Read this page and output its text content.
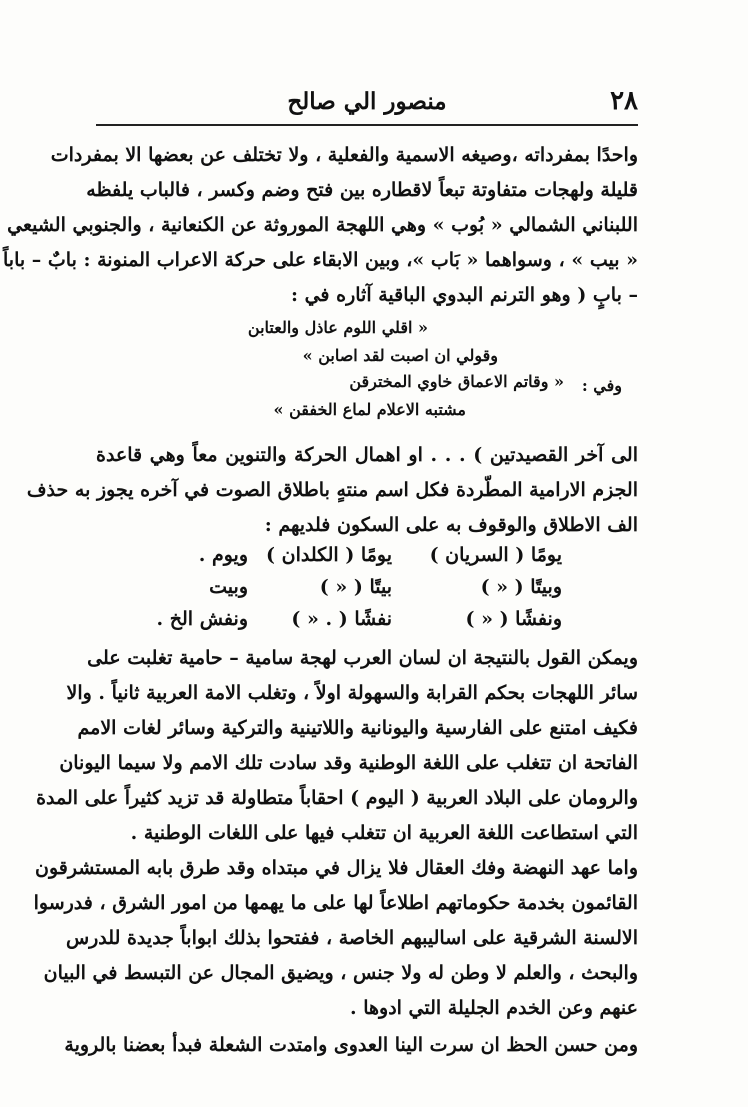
٢٨
منصور الي صالح
واحدًا بمفرداته ،وصيغه الاسمية والفعلية ، ولا تختلف عن بعضها الا بمفردات
قليلة ولهجات متفاوتة تبعاً لاقطاره بين فتح وضم وكسر ، فالباب يلفظه
اللبناني الشمالي « بُوب » وهي اللهجة الموروثة عن الكنعانية ، والجنوبي الشيعي
« بيب » ، وسواهما « بَاب »، وبين الابقاء على حركة الاعراب المنونة : بابٌ – باباً
– بابٍ ( وهو الترنم البدوي الباقية آثاره في :
« اقلي اللوم عاذل والعتابن
وقولي ان اصبت لقد اصابن »
وفي :
« وقاتم الاعماق خاوي المخترقن
مشتبه الاعلام لماع الخفقن »
الى آخر القصيدتين ) . . . او اهمال الحركة والتنوين معاً وهي قاعدة
الجزم الارامية المطّردة فكل اسم منتهٍ باطلاق الصوت في آخره يجوز به حذف
الف الاطلاق والوقوف به على السكون فلديهم :
يومًا ( السريان )
يومًا ( الكلدان )
ويوم .
وبيتًا ( « )
بيتًا ( « )
وبيت
ونفشًا ( « )
نفشًا ( . « )
ونفش الخ .
ويمكن القول بالنتيجة ان لسان العرب لهجة سامية – حامية تغلبت على
سائر اللهجات بحكم القرابة والسهولة اولاً ، وتغلب الامة العربية ثانياً . والا
فكيف امتنع على الفارسية واليونانية واللاتينية والتركية وسائر لغات الامم
الفاتحة ان تتغلب على اللغة الوطنية وقد سادت تلك الامم ولا سيما اليونان
والرومان على البلاد العربية ( اليوم ) احقاباً متطاولة قد تزيد كثيراً على المدة
التي استطاعت اللغة العربية ان تتغلب فيها على اللغات الوطنية .
واما عهد النهضة وفك العقال فلا يزال في مبتداه وقد طرق بابه المستشرقون
القائمون بخدمة حكوماتهم اطلاعاً لها على ما يهمها من امور الشرق ، فدرسوا
الالسنة الشرقية على اساليبهم الخاصة ، ففتحوا بذلك ابواباً جديدة للدرس
والبحث ، والعلم لا وطن له ولا جنس ، ويضيق المجال عن التبسط في البيان
عنهم وعن الخدم الجليلة التي ادوها .
ومن حسن الحظ ان سرت الينا العدوى وامتدت الشعلة فبدأ بعضنا بالروية
